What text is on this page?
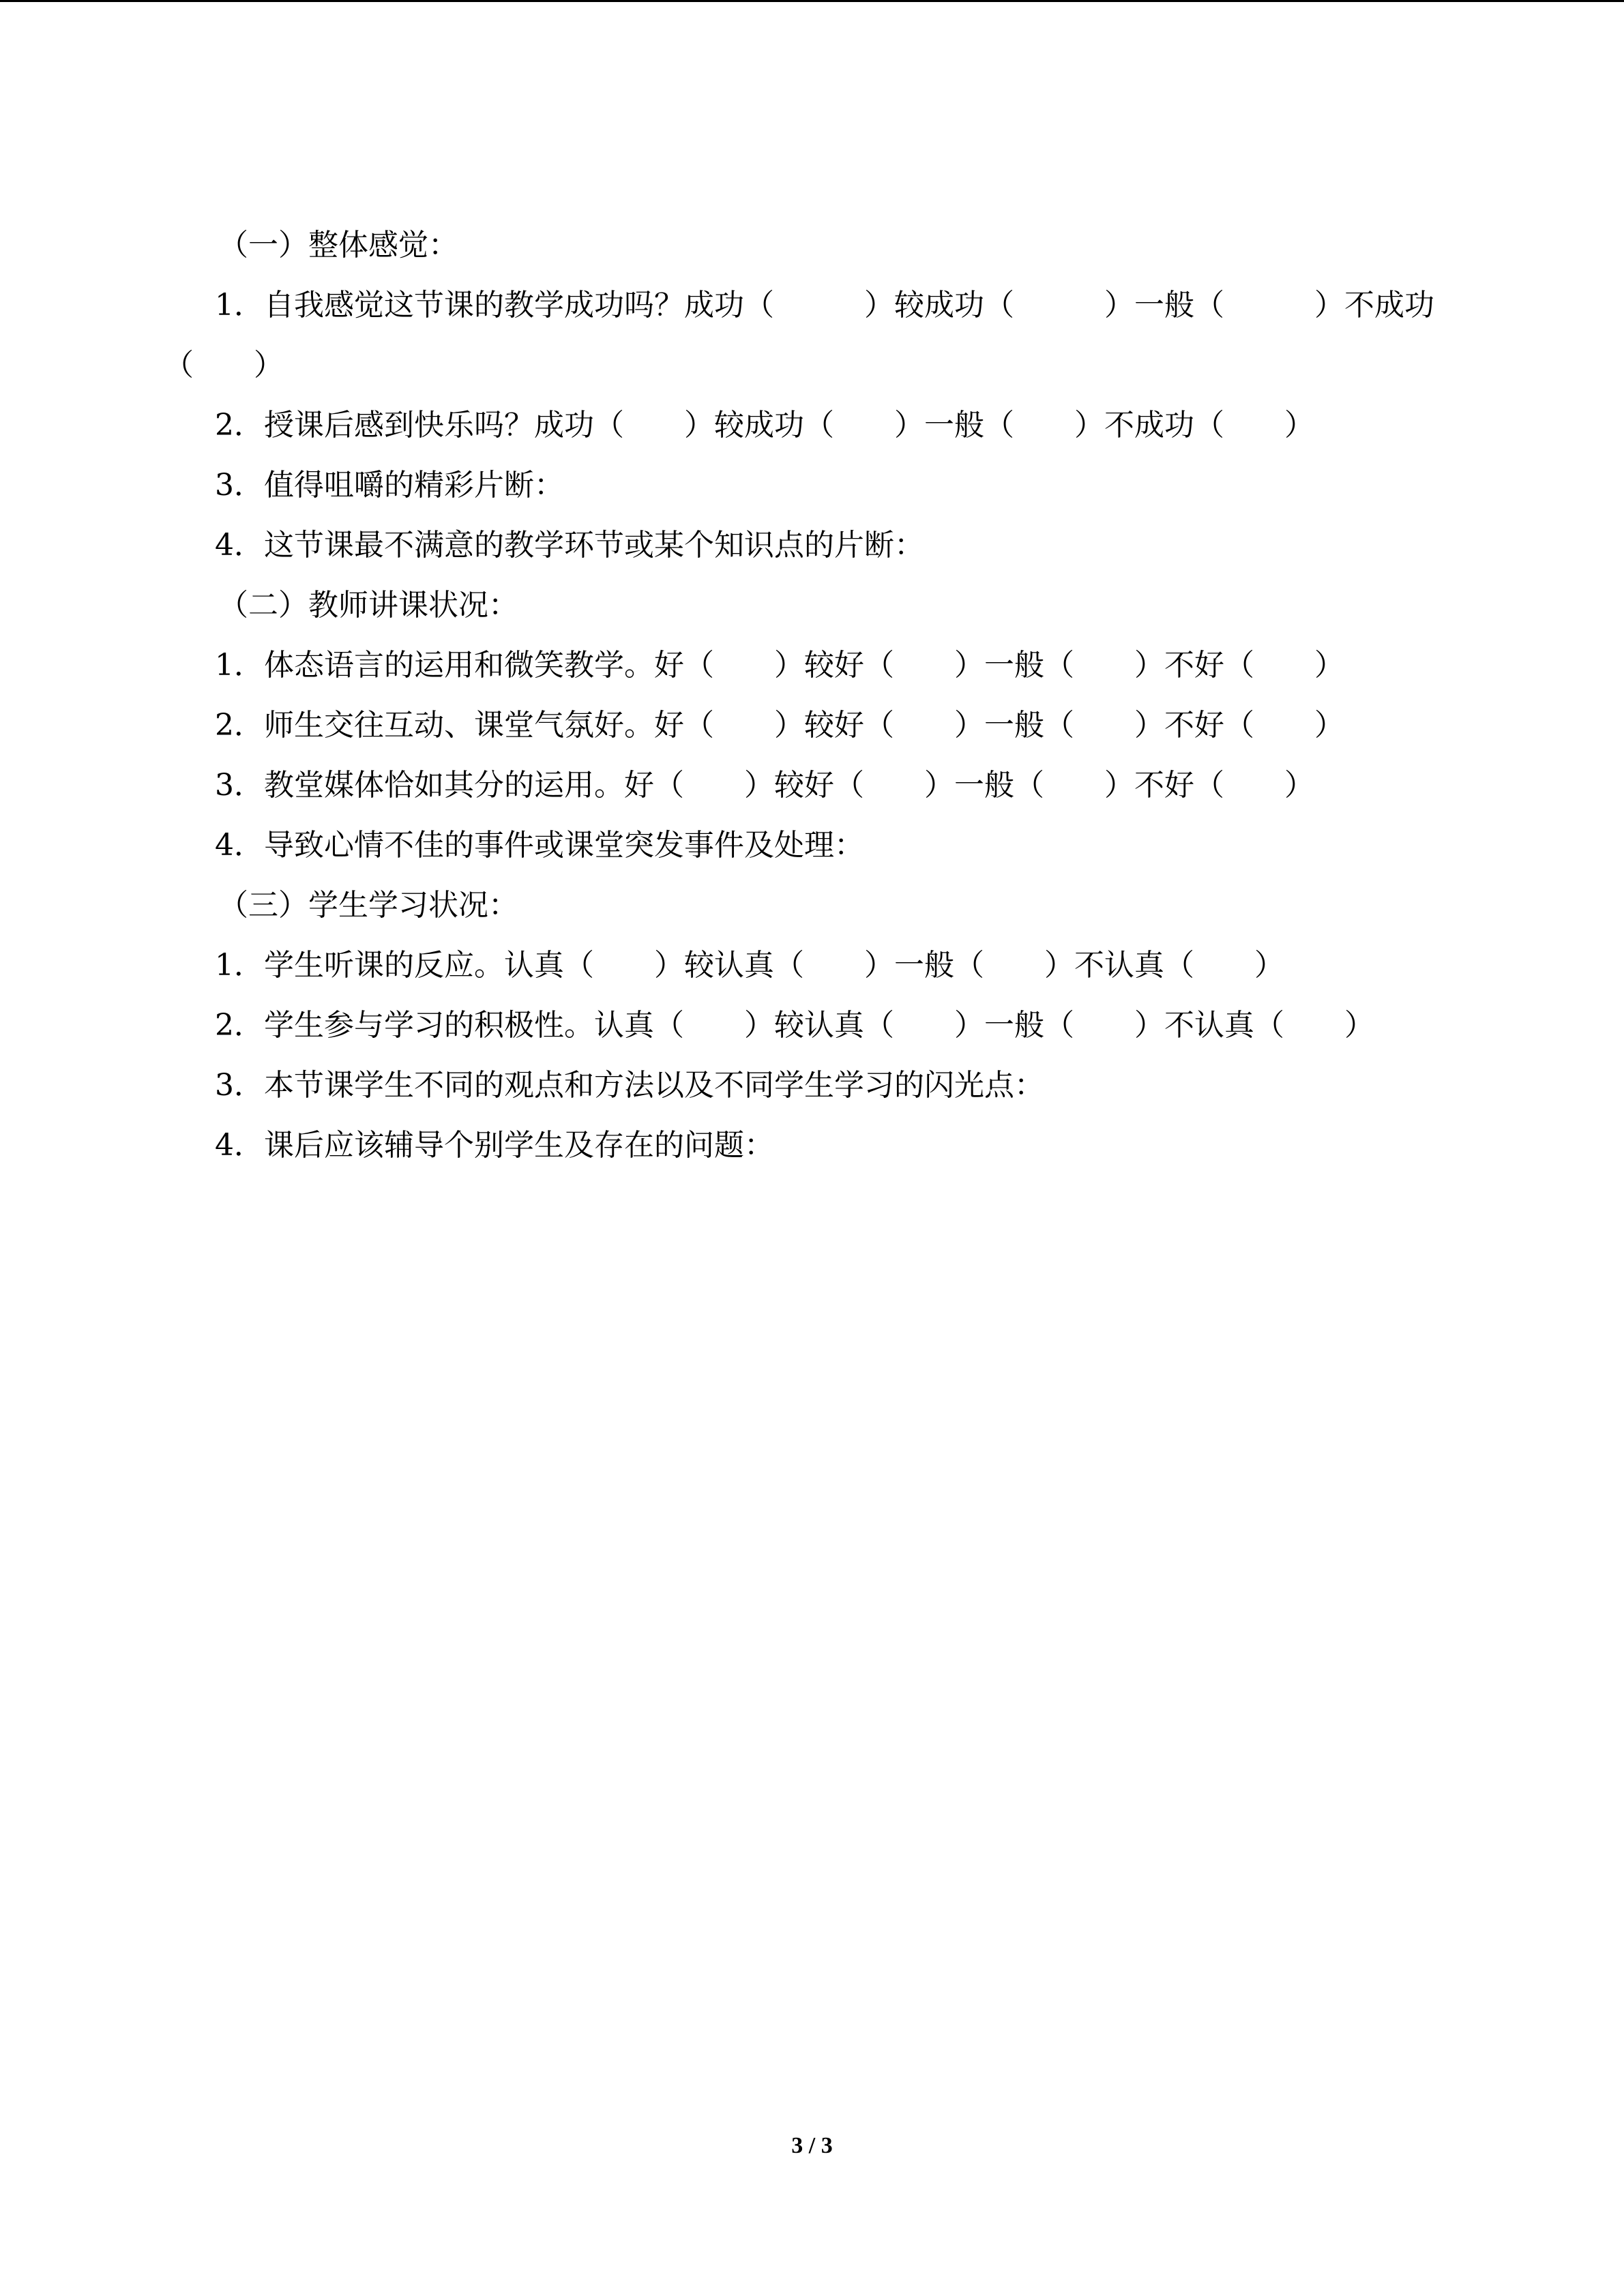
（一）整体感觉：
1．自我感觉这节课的教学成功吗？成功（　　　）较成功（　　　）一般（　　　）不成功
（　　）
2．授课后感到快乐吗？成功（　　）较成功（　　）一般（　　）不成功（　　）
3．值得咀嚼的精彩片断：
4．这节课最不满意的教学环节或某个知识点的片断：
（二）教师讲课状况：
1．体态语言的运用和微笑教学。好（　　）较好（　　）一般（　　）不好（　　）
2．师生交往互动、课堂气氛好。好（　　）较好（　　）一般（　　）不好（　　）
3．教堂媒体恰如其分的运用。好（　　）较好（　　）一般（　　）不好（　　）
4．导致心情不佳的事件或课堂突发事件及处理：
（三）学生学习状况：
1．学生听课的反应。认真（　　）较认真（　　）一般（　　）不认真（　　）
2．学生参与学习的积极性。认真（　　）较认真（　　）一般（　　）不认真（　　）
3．本节课学生不同的观点和方法以及不同学生学习的闪光点：
4．课后应该辅导个别学生及存在的问题：
3 / 3
